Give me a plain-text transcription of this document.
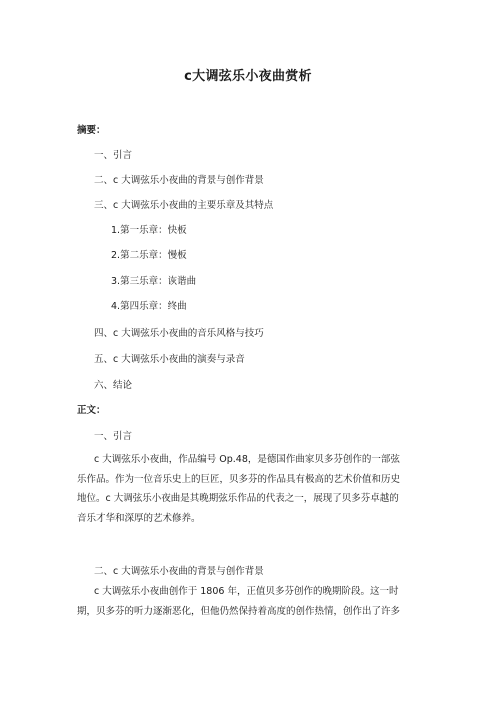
c大调弦乐小夜曲赏析
摘要：
一、引言
二、c 大调弦乐小夜曲的背景与创作背景
三、c 大调弦乐小夜曲的主要乐章及其特点
1.第一乐章：快板
2.第二乐章：慢板
3.第三乐章：诙谐曲
4.第四乐章：终曲
四、c 大调弦乐小夜曲的音乐风格与技巧
五、c 大调弦乐小夜曲的演奏与录音
六、结论
正文：
一、引言
c 大调弦乐小夜曲，作品编号 Op.48，是德国作曲家贝多芬创作的一部弦
乐作品。作为一位音乐史上的巨匠，贝多芬的作品具有极高的艺术价值和历史
地位。c 大调弦乐小夜曲是其晚期弦乐作品的代表之一，展现了贝多芬卓越的
音乐才华和深厚的艺术修养。
二、c 大调弦乐小夜曲的背景与创作背景
c 大调弦乐小夜曲创作于 1806 年，正值贝多芬创作的晚期阶段。这一时
期，贝多芬的听力逐渐恶化，但他仍然保持着高度的创作热情，创作出了许多
